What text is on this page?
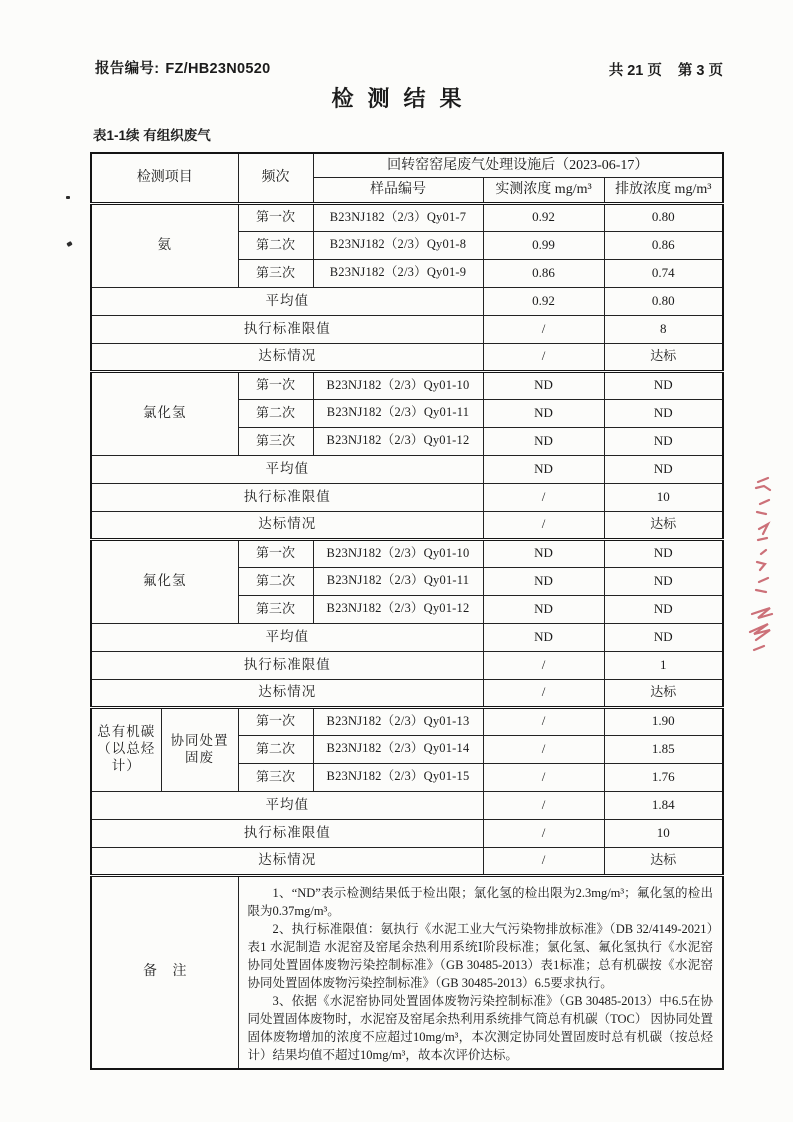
报告编号: FZ/HB23N0520	共 21 页 第 3 页
检测结果
表1-1续 有组织废气
检测项目		频次	回转窑窑尾废气处理设施后（2023-06-17）		
			样品编号	实测浓度 mg/m³	排放浓度 mg/m³
氨		第一次	B23NJ182（2/3）Qy01-7	0.92	0.80
		第二次	B23NJ182（2/3）Qy01-8	0.99	0.86
		第三次	B23NJ182（2/3）Qy01-9	0.86	0.74
平均值				0.92	0.80
执行标准限值				/	8
达标情况				/	达标
氯化氢		第一次	B23NJ182（2/3）Qy01-10	ND	ND
		第二次	B23NJ182（2/3）Qy01-11	ND	ND
		第三次	B23NJ182（2/3）Qy01-12	ND	ND
平均值				ND	ND
执行标准限值				/	10
达标情况				/	达标
氟化氢		第一次	B23NJ182（2/3）Qy01-10	ND	ND
		第二次	B23NJ182（2/3）Qy01-11	ND	ND
		第三次	B23NJ182（2/3）Qy01-12	ND	ND
平均值				ND	ND
执行标准限值				/	1
达标情况				/	达标
总有机碳（以总烃计）	协同处置固废	第一次	B23NJ182（2/3）Qy01-13	/	1.90
		第二次	B23NJ182（2/3）Qy01-14	/	1.85
		第三次	B23NJ182（2/3）Qy01-15	/	1.76
平均值				/	1.84
执行标准限值				/	10
达标情况				/	达标
备 注		1、“ND”表示检测结果低于检出限；氯化氢的检出限为2.3mg/m³；氟化氢的检出限为0.37mg/m³。

2、执行标准限值：氨执行《水泥工业大气污染物排放标准》（DB 32/4149-2021）表1 水泥制造 水泥窑及窑尾余热利用系统Ⅰ阶段标准；氯化氢、氟化氢执行《水泥窑协同处置固体废物污染控制标准》（GB 30485-2013）表1标准；总有机碳按《水泥窑协同处置固体废物污染控制标准》（GB 30485-2013）6.5要求执行。

3、依据《水泥窑协同处置固体废物污染控制标准》（GB 30485-2013）中6.5在协同处置固体废物时，水泥窑及窑尾余热利用系统排气筒总有机碳（TOC） 因协同处置固体废物增加的浓度不应超过10mg/m³，本次测定协同处置固废时总有机碳（按总烃计）结果均值不超过10mg/m³，故本次评价达标。			
